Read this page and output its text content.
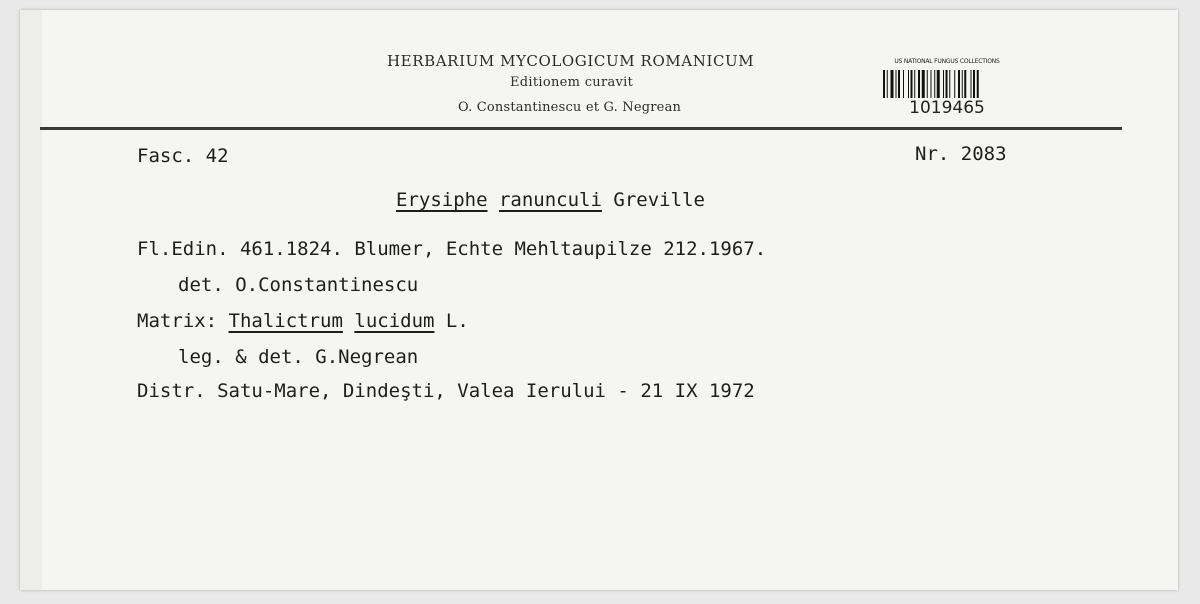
HERBARIUM MYCOLOGICUM ROMANICUM
Editionem curavit
O. Constantinescu et G. Negrean
US NATIONAL FUNGUS COLLECTIONS
1019465
Fasc. 42	Nr. 2083
Erysiphe ranunculi Greville
Fl.Edin. 461.1824. Blumer, Echte Mehltaupilze 212.1967.
det. O.Constantinescu
Matrix: Thalictrum lucidum L.
leg. & det. G.Negrean
Distr. Satu-Mare, Dindeşti, Valea Ierului - 21 IX 1972
